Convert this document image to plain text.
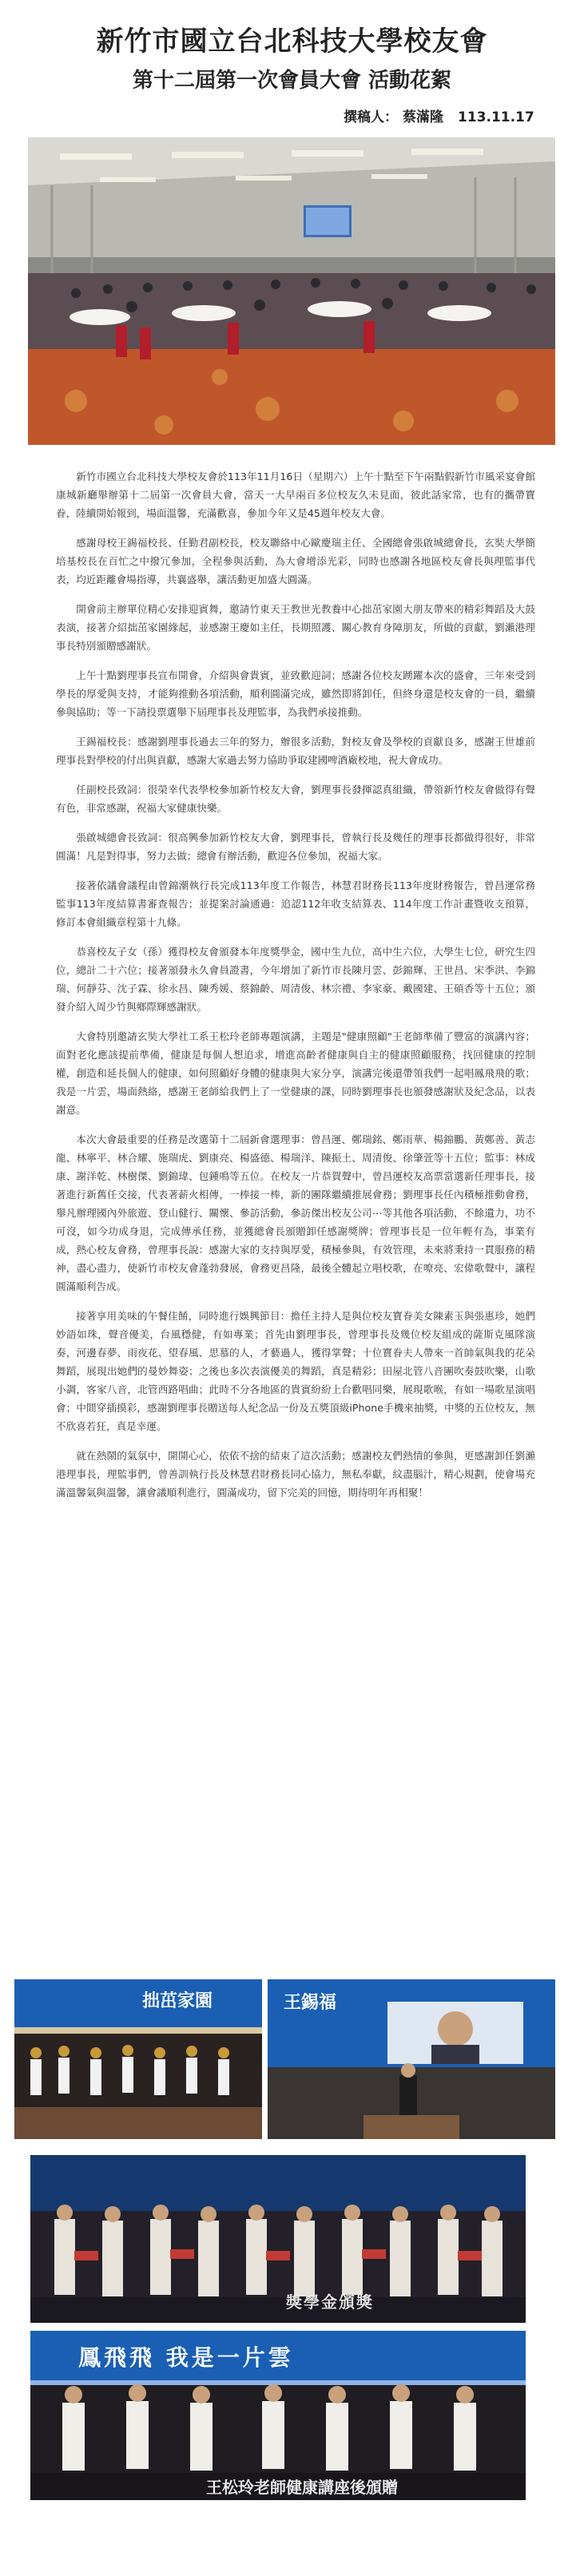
新竹市國立台北科技大學校友會
第十二屆第一次會員大會 活動花絮
撰稿人： 蔡滿隆 113.11.17

新竹市國立台北科技大學校友會於113年11月16日（星期六）上午十點至下午兩點假新竹市風采宴會館康城新廳舉辦第十二屆第一次會員大會，當天一大早兩百多位校友久未見面，彼此話家常，也有的攜帶寶眷，陸續開始報到，場面溫馨，充滿歡喜，參加今年又是45週年校友大會。

感謝母校王錫福校長、任勤君副校長，校友聯絡中心歐慶瑞主任、全國總會張啟城總會長，玄奘大學簡培基校長在百忙之中撥冗參加，全程參與活動，為大會增添光彩，同時也感謝各地區校友會長與理監事代表，均近距離會場指導，共襄盛舉，讓活動更加盛大圓滿。

開會前主辦單位精心安排迎賓舞，邀請竹東天王教世光教養中心拙茁家園大朋友帶來的精彩舞蹈及大鼓表演，接著介紹拙茁家園緣起，並感謝王慶如主任，長期照護、關心教育身障朋友，所做的貢獻，劉瀨港理事長特別頒贈感謝狀。

上午十點劉理事長宣布開會，介紹與會貴賓，並致歡迎詞；感謝各位校友踴躍本次的盛會，三年來受到學長的厚愛與支持，才能夠推動各項活動，順利圓滿完成，雖然即將卸任，但終身還是校友會的一員，繼續參與協助；等一下請投票選舉下屆理事長及理監事，為我們承接推動。

王錫福校長：感謝劉理事長過去三年的努力，辦很多活動，對校友會及學校的貢獻良多，感謝王世雄前理事長對學校的付出與貢獻，感謝大家過去努力協助爭取建國啤酒廠校地，祝大會成功。

任副校長致詞：很榮幸代表學校參加新竹校友大會，劉理事長發揮認真組織，帶領新竹校友會做得有聲有色，非常感謝，祝福大家健康快樂。

張啟城總會長致詞：很高興參加新竹校友大會，劉理事長，曾執行長及幾任的理事長都做得很好，非常圓滿！凡是對得事，努力去做；總會有辦活動，歡迎各位參加，祝福大家。

接著依議會議程由曾錦潮執行長完成113年度工作報告，林慧君財務長113年度財務報告，曾昌運常務監事113年度結算書審查報告；並提案討論通過：追認112年收支結算表、114年度工作計畫暨收支預算，修訂本會組織章程第十九條。

恭喜校友子女（孫）獲得校友會頒發本年度獎學金，國中生九位，高中生六位，大學生七位，研究生四位，總計二十六位；接著頒發永久會員證書，今年增加了新竹市長陳月雲、彭錦輝、王世昌、宋季洪、李錦瑞、何靜芬、沈子霖、徐永昌、陳秀媛、蔡錦齡、周清俊、林宗禮、李家豪、戴國建、王碩香等十五位；頒發介紹入周少竹與鄉際輝感謝狀。

大會特別邀請玄奘大學社工系王松玲老師專題演講，主題是"健康照顧"王老師準備了豐富的演講內容；面對老化應該提前準備，健康是每個人想追求，增進高齡者健康與自主的健康照顧服務，找回健康的控制權，創造和延長個人的健康，如何照顧好身體的健康與大家分享，演講完後還帶領我們一起唱鳳飛飛的歌；我是一片雲，場面熱絡，感謝王老師給我們上了一堂健康的課，同時劉理事長也頒發感謝狀及紀念品，以表謝意。

本次大會最重要的任務是改選第十二屆新會選理事：曾昌運、鄭瑞銘、鄭雨華、楊錦鵬、黃鄭善、黃志龍、林寧平、林合耀、施瑞虎、劉康亮、楊盛德、楊瑞洋、陳振土、周清俊、徐肇萱等十五位；監事：林成康、謝洋乾、林樹傑、劉錦瑋、包鍾鳴等五位。在校友一片恭賀聲中，曾昌運校友高票當選新任理事長，接著進行新舊任交接，代表著薪火相傳，一棒接一棒，新的團隊繼續推展會務；劉理事長任內積極推動會務，舉凡辦理國內外旅遊、登山健行、關懷、參訪活動，參訪傑出校友公司⋯等其他各項活動，不餘遺力，功不可沒，如今功成身退，完成傳承任務，並獲總會長頒贈卸任感謝獎牌；曾理事長是一位年輕有為，事業有成，熱心校友會務，曾理事長說：感謝大家的支持與厚愛，積極參與，有效管理，未來將秉持一貫服務的精神，盡心盡力，使新竹市校友會蓬勃發展，會務更昌隆，最後全體起立唱校歌，在嘹亮、宏偉歌聲中，讓程圓滿順利告成。

接著享用美味的午餐佳餚，同時進行娛興節目：擔任主持人是與位校友寶眷美女陳素玉與張惠珍，她們妙語如珠，聲音優美，台風穩健，有如專業；首先由劉理事長，曾理事長及幾位校友組成的薩斯克風隊演奏，河邊春夢、雨夜花、望春風、思慕的人，才藝過人，獲得掌聲；十位寶眷夫人帶來一首帥氣與我的花朵舞蹈，展現出她們的曼妙舞姿；之後也多次表演優美的舞蹈，真是精彩；田屋北管八音團吹奏鼓吹樂，山歌小調，客家八音，北管西路唱曲；此時不分各地區的貴賓紛紛上台歡唱同樂，展現歌喉，有如一場歌星演唱會；中間穿插摸彩，感謝劉理事長贈送每人紀念品一份及五獎頂級iPhone手機來抽獎，中獎的五位校友，無不欣喜若狂，真是幸運。

就在熱鬧的氣氛中，開開心心，依依不捨的結束了這次活動；感謝校友們熱情的參與，更感謝卸任劉瀨港理事長，理監事們，曾善訓執行長及林慧君財務長同心協力，無私奉獻，紋盡腦汁，精心規劃，使會場充滿溫馨氣與溫馨，讓會議順利進行，圓滿成功，留下完美的回憶，期待明年再相聚！

拙茁家園	王錫福
獎學金頒獎
鳳飛飛 我是一片雲
王松玲老師健康講座後頒贈
